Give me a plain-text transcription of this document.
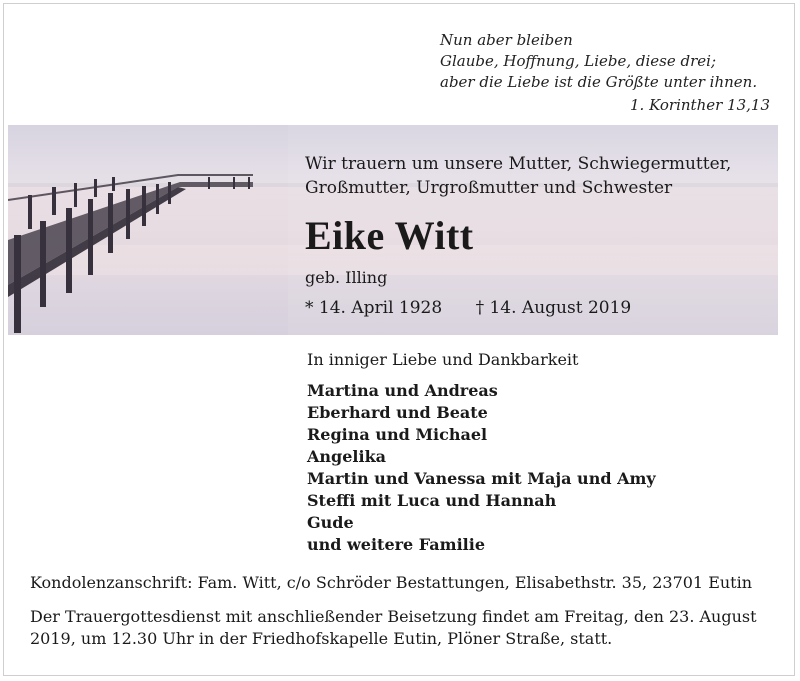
Nun aber bleiben
Glaube, Hoffnung, Liebe, diese drei;
aber die Liebe ist die Größte unter ihnen.
1. Korinther 13,13
Wir trauern um unsere Mutter, Schwiegermutter,
Großmutter, Urgroßmutter und Schwester
Eike Witt
geb. Illing
* 14. April 1928 † 14. August 2019
In inniger Liebe und Dankbarkeit
Martina und Andreas
Eberhard und Beate
Regina und Michael
Angelika
Martin und Vanessa mit Maja und Amy
Steffi mit Luca und Hannah
Gude
und weitere Familie
Kondolenzanschrift: Fam. Witt, c/o Schröder Bestattungen, Elisabethstr. 35, 23701 Eutin
Der Trauergottesdienst mit anschließender Beisetzung findet am Freitag, den 23. August
2019, um 12.30 Uhr in der Friedhofskapelle Eutin, Plöner Straße, statt.
